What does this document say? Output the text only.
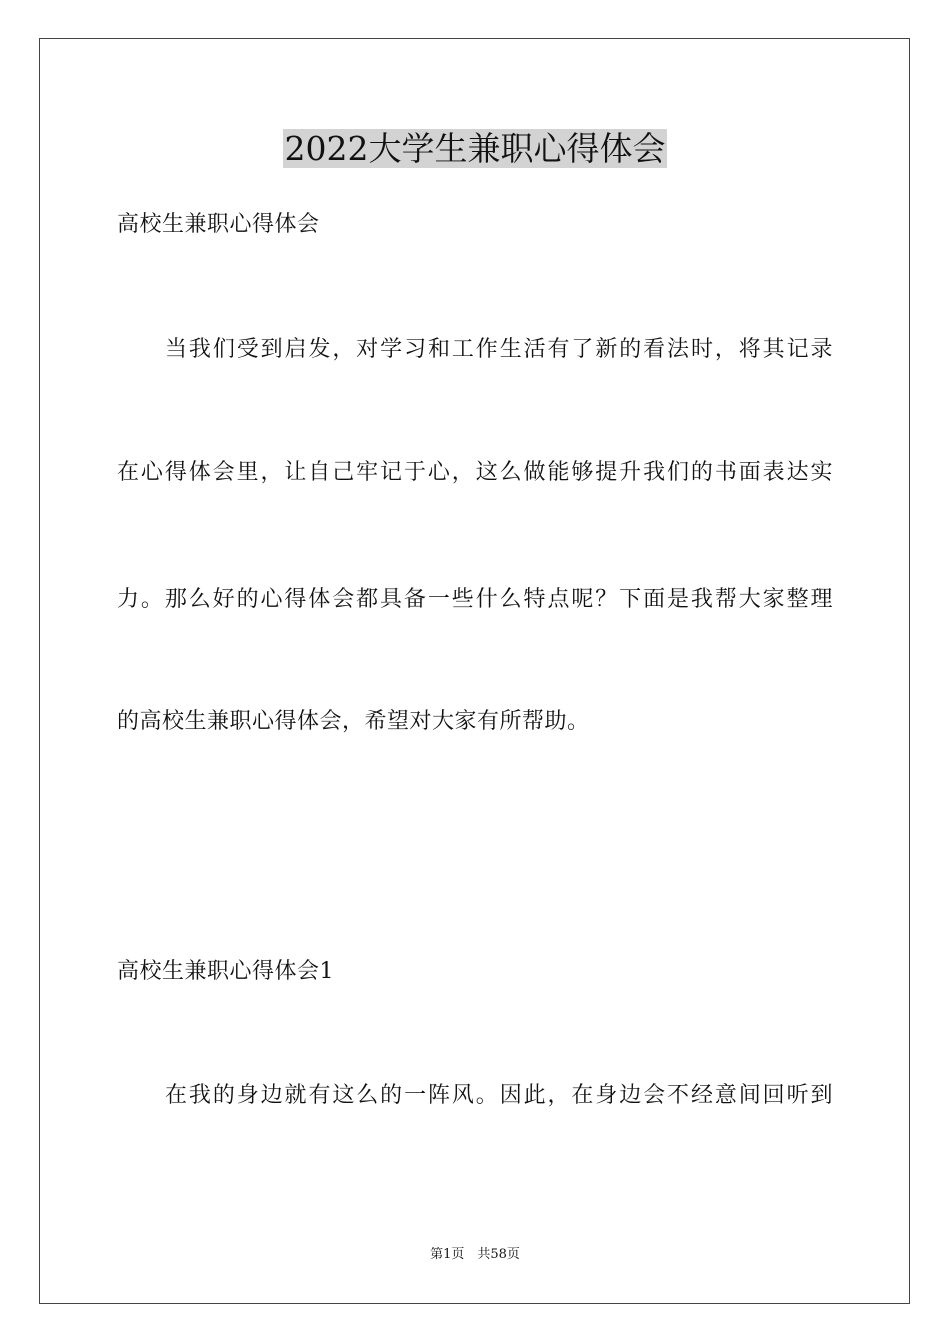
2022大学生兼职心得体会

高校生兼职心得体会

当我们受到启发，对学习和工作生活有了新的看法时，将其记录

在心得体会里，让自己牢记于心，这么做能够提升我们的书面表达实

力。那么好的心得体会都具备一些什么特点呢？下面是我帮大家整理

的高校生兼职心得体会，希望对大家有所帮助。

高校生兼职心得体会1

在我的身边就有这么的一阵风。因此，在身边会不经意间回听到

第1页　共58页
